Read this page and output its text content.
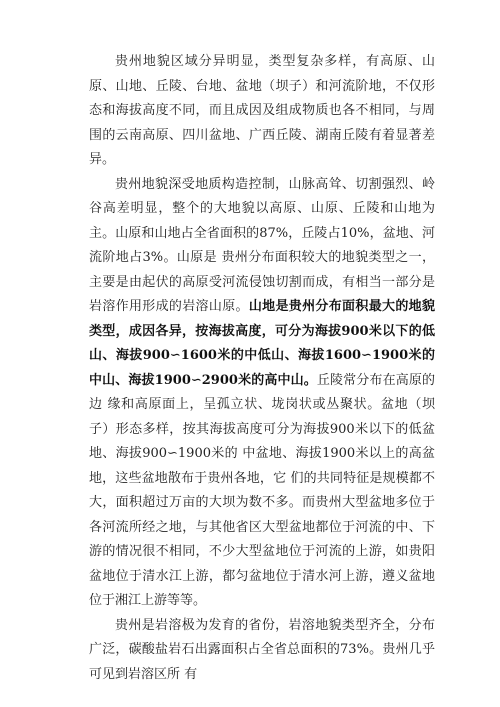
贵州地貌区域分异明显，类型复杂多样，有高原、山原、山地、丘陵、台地、盆地（坝子）和河流阶地，不仅形态和海拔高度不同，而且成因及组成物质也各不相同，与周围的云南高原、四川盆地、广西丘陵、湖南丘陵有着显著差异。

贵州地貌深受地质构造控制，山脉高耸、切割强烈、岭谷高差明显，整个的大地貌以高原、山原、丘陵和山地为主。山原和山地占全省面积的87%，丘陵占10%，盆地、河流阶地占3%。山原是 贵州分布面积较大的地貌类型之一，主要是由起伏的高原受河流侵蚀切割而成，有相当一部分是岩溶作用形成的岩溶山原。山地是贵州分布面积最大的地貌类型，成因各异，按海拔高度，可分为海拔900米以下的低山、海拔900∽1600米的中低山、海拔1600∽1900米的中山、海拔1900∽2900米的高中山。丘陵常分布在高原的边 缘和高原面上，呈孤立状、垅岗状或丛聚状。盆地（坝子）形态多样，按其海拔高度可分为海拔900米以下的低盆地、海拔900∽1900米的 中盆地、海拔1900米以上的高盆地，这些盆地散布于贵州各地，它 们的共同特征是规模都不大，面积超过万亩的大坝为数不多。而贵州大型盆地多位于各河流所经之地，与其他省区大型盆地都位于河流的中、下游的情况很不相同，不少大型盆地位于河流的上游，如贵阳盆地位于清水江上游，都匀盆地位于清水河上游，遵义盆地位于湘江上游等等。

贵州是岩溶极为发育的省份，岩溶地貌类型齐全，分布广泛，碳酸盐岩石出露面积占全省总面积的73%。贵州几乎可见到岩溶区所 有
